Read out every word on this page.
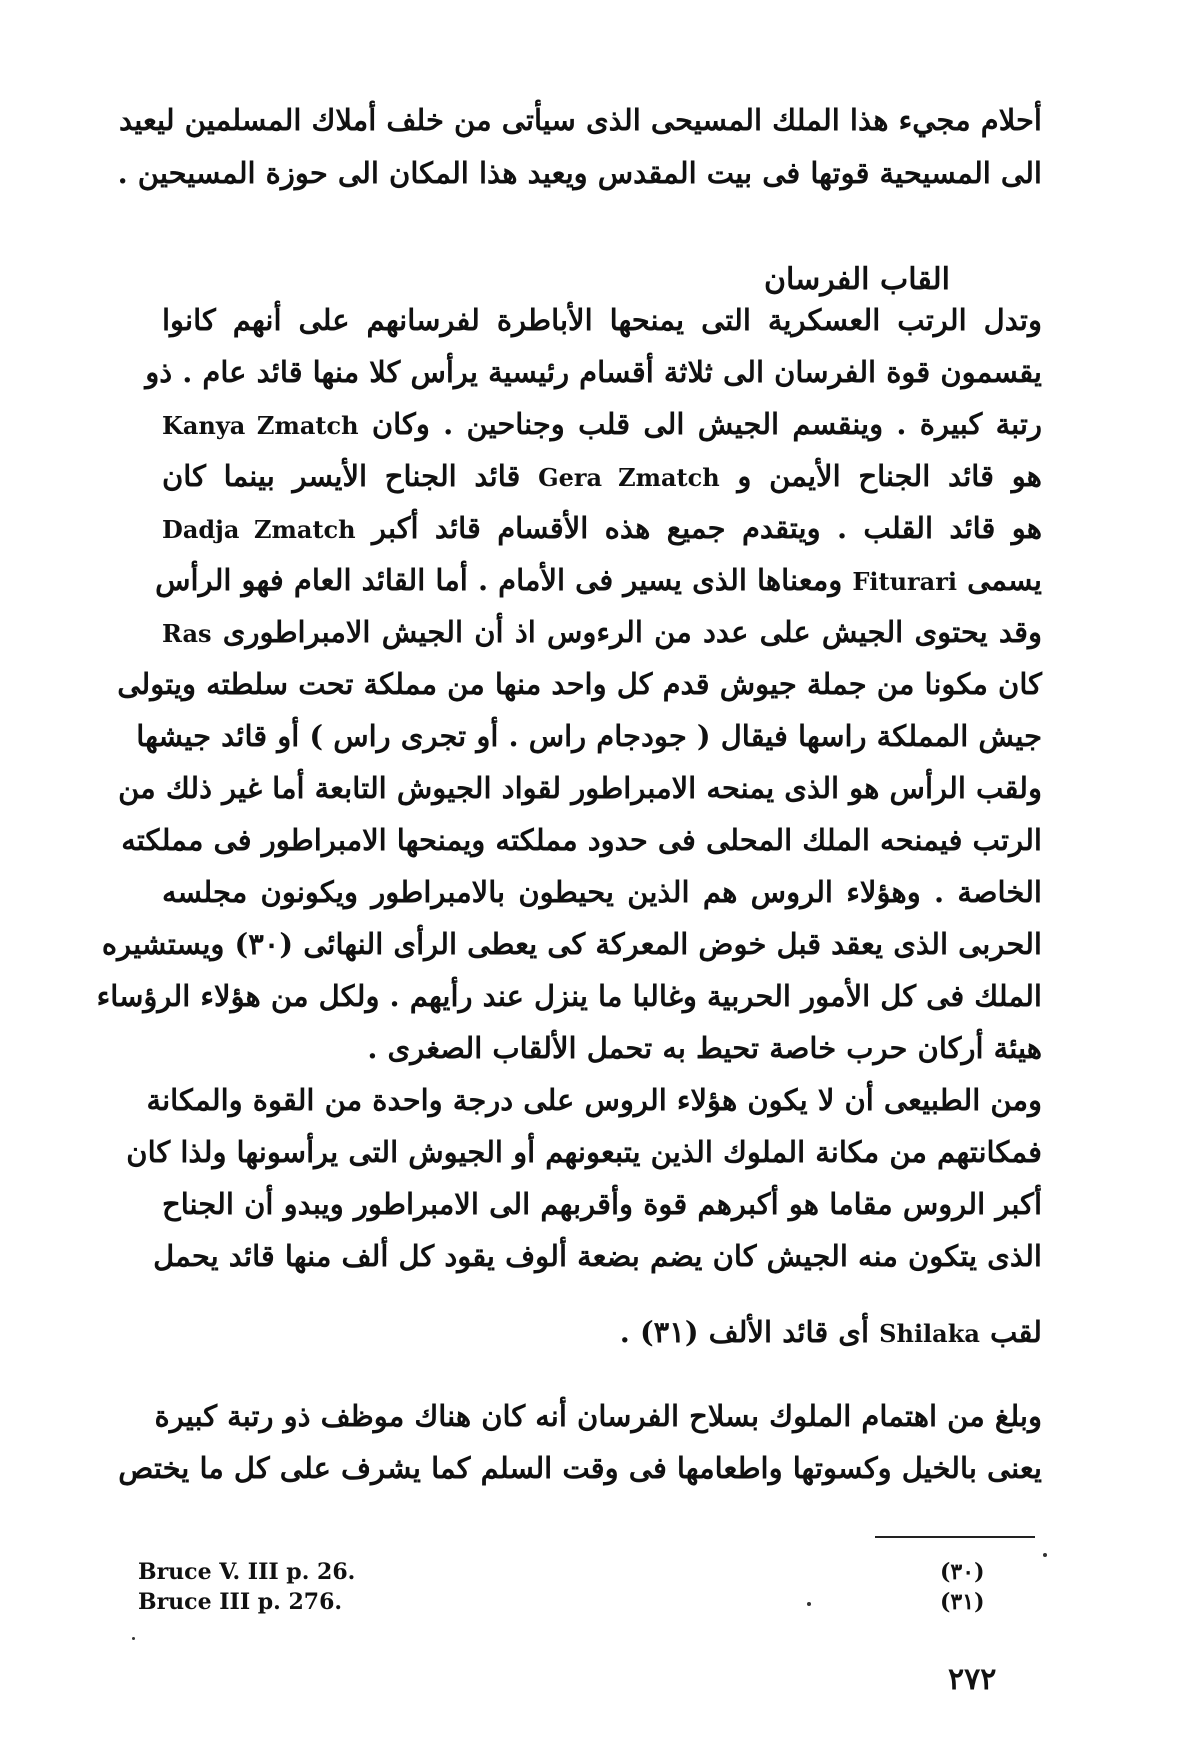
أحلام مجيء هذا الملك المسيحى الذى سيأتى من خلف أملاك المسلمين ليعيد
الى المسيحية قوتها فى بيت المقدس ويعيد هذا المكان الى حوزة المسيحين .
القاب الفرسان
وتدل الرتب العسكرية التى يمنحها الأباطرة لفرسانهم على أنهم كانوا
يقسمون قوة الفرسان الى ثلاثة أقسام رئيسية يرأس كلا منها قائد عام . ذو
رتبة كبيرة . وينقسم الجيش الى قلب وجناحين . وكان Kanya Zmatch
هو قائد الجناح الأيمن و Gera Zmatch قائد الجناح الأيسر بينما كان
هو قائد القلب . ويتقدم جميع هذه الأقسام قائد أكبر Dadja Zmatch
يسمى Fiturari ومعناها الذى يسير فى الأمام . أما القائد العام فهو الرأس
وقد يحتوى الجيش على عدد من الرءوس اذ أن الجيش الامبراطورى Ras
كان مكونا من جملة جيوش قدم كل واحد منها من مملكة تحت سلطته ويتولى
جيش المملكة راسها فيقال ( جودجام راس . أو تجرى راس ) أو قائد جيشها
ولقب الرأس هو الذى يمنحه الامبراطور لقواد الجيوش التابعة أما غير ذلك من
الرتب فيمنحه الملك المحلى فى حدود مملكته ويمنحها الامبراطور فى مملكته
الخاصة . وهؤلاء الروس هم الذين يحيطون بالامبراطور ويكونون مجلسه
الحربى الذى يعقد قبل خوض المعركة كى يعطى الرأى النهائى (٣٠) ويستشيره
الملك فى كل الأمور الحربية وغالبا ما ينزل عند رأيهم . ولكل من هؤلاء الرؤساء
هيئة أركان حرب خاصة تحيط به تحمل الألقاب الصغرى .
ومن الطبيعى أن لا يكون هؤلاء الروس على درجة واحدة من القوة والمكانة
فمكانتهم من مكانة الملوك الذين يتبعونهم أو الجيوش التى يرأسونها ولذا كان
أكبر الروس مقاما هو أكبرهم قوة وأقربهم الى الامبراطور ويبدو أن الجناح
الذى يتكون منه الجيش كان يضم بضعة ألوف يقود كل ألف منها قائد يحمل
لقب Shilaka أى قائد الألف (٣١) .
وبلغ من اهتمام الملوك بسلاح الفرسان أنه كان هناك موظف ذو رتبة كبيرة
يعنى بالخيل وكسوتها واطعامها فى وقت السلم كما يشرف على كل ما يختص
(٣٠)
Bruce V. III p. 26.
(٣١)
Bruce III p. 276.
٢٧٢
